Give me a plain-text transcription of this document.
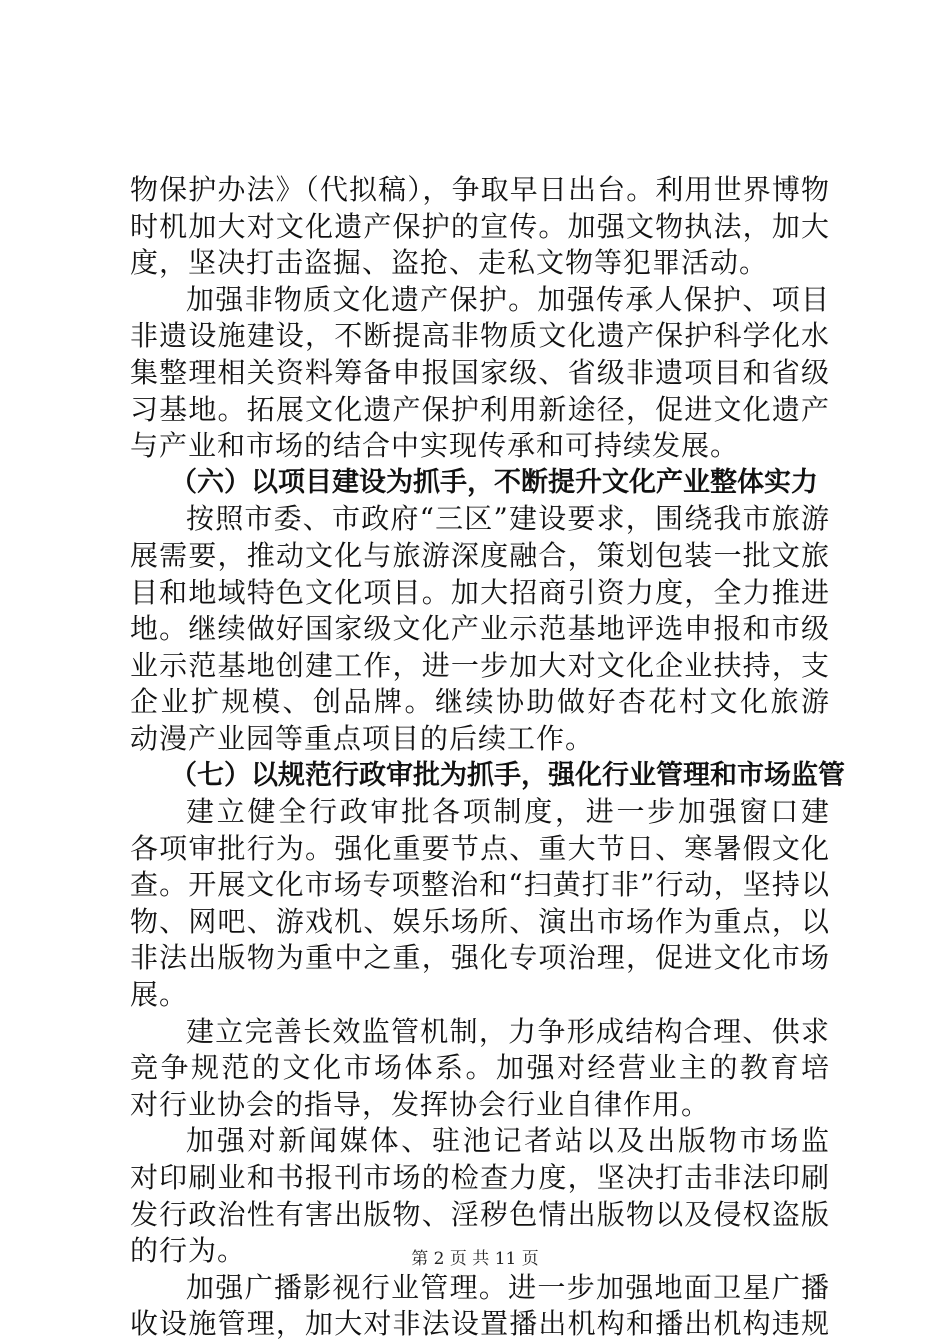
物保护办法》（代拟稿），争取早日出台。利用世界博物
时机加大对文化遗产保护的宣传。加强文物执法，加大
度，坚决打击盗掘、盗抢、走私文物等犯罪活动。
加强非物质文化遗产保护。加强传承人保护、项目
非遗设施建设，不断提高非物质文化遗产保护科学化水
集整理相关资料筹备申报国家级、省级非遗项目和省级
习基地。拓展文化遗产保护利用新途径，促进文化遗产
与产业和市场的结合中实现传承和可持续发展。
（六）以项目建设为抓手，不断提升文化产业整体实力
按照市委、市政府“三区”建设要求，围绕我市旅游
展需要，推动文化与旅游深度融合，策划包装一批文旅
目和地域特色文化项目。加大招商引资力度，全力推进
地。继续做好国家级文化产业示范基地评选申报和市级
业示范基地创建工作，进一步加大对文化企业扶持，支
企业扩规模、创品牌。继续协助做好杏花村文化旅游
动漫产业园等重点项目的后续工作。
（七）以规范行政审批为抓手，强化行业管理和市场监管
建立健全行政审批各项制度，进一步加强窗口建
各项审批行为。强化重要节点、重大节日、寒暑假文化
查。开展文化市场专项整治和“扫黄打非”行动，坚持以
物、网吧、游戏机、娱乐场所、演出市场作为重点，以
非法出版物为重中之重，强化专项治理，促进文化市场
展。
建立完善长效监管机制，力争形成结构合理、供求
竞争规范的文化市场体系。加强对经营业主的教育培
对行业协会的指导，发挥协会行业自律作用。
加强对新闻媒体、驻池记者站以及出版物市场监
对印刷业和书报刊市场的检查力度，坚决打击非法印刷
发行政治性有害出版物、淫秽色情出版物以及侵权盗版
的行为。
加强广播影视行业管理。进一步加强地面卫星广播
收设施管理，加大对非法设置播出机构和播出机构违规
第 2 页 共 11 页
